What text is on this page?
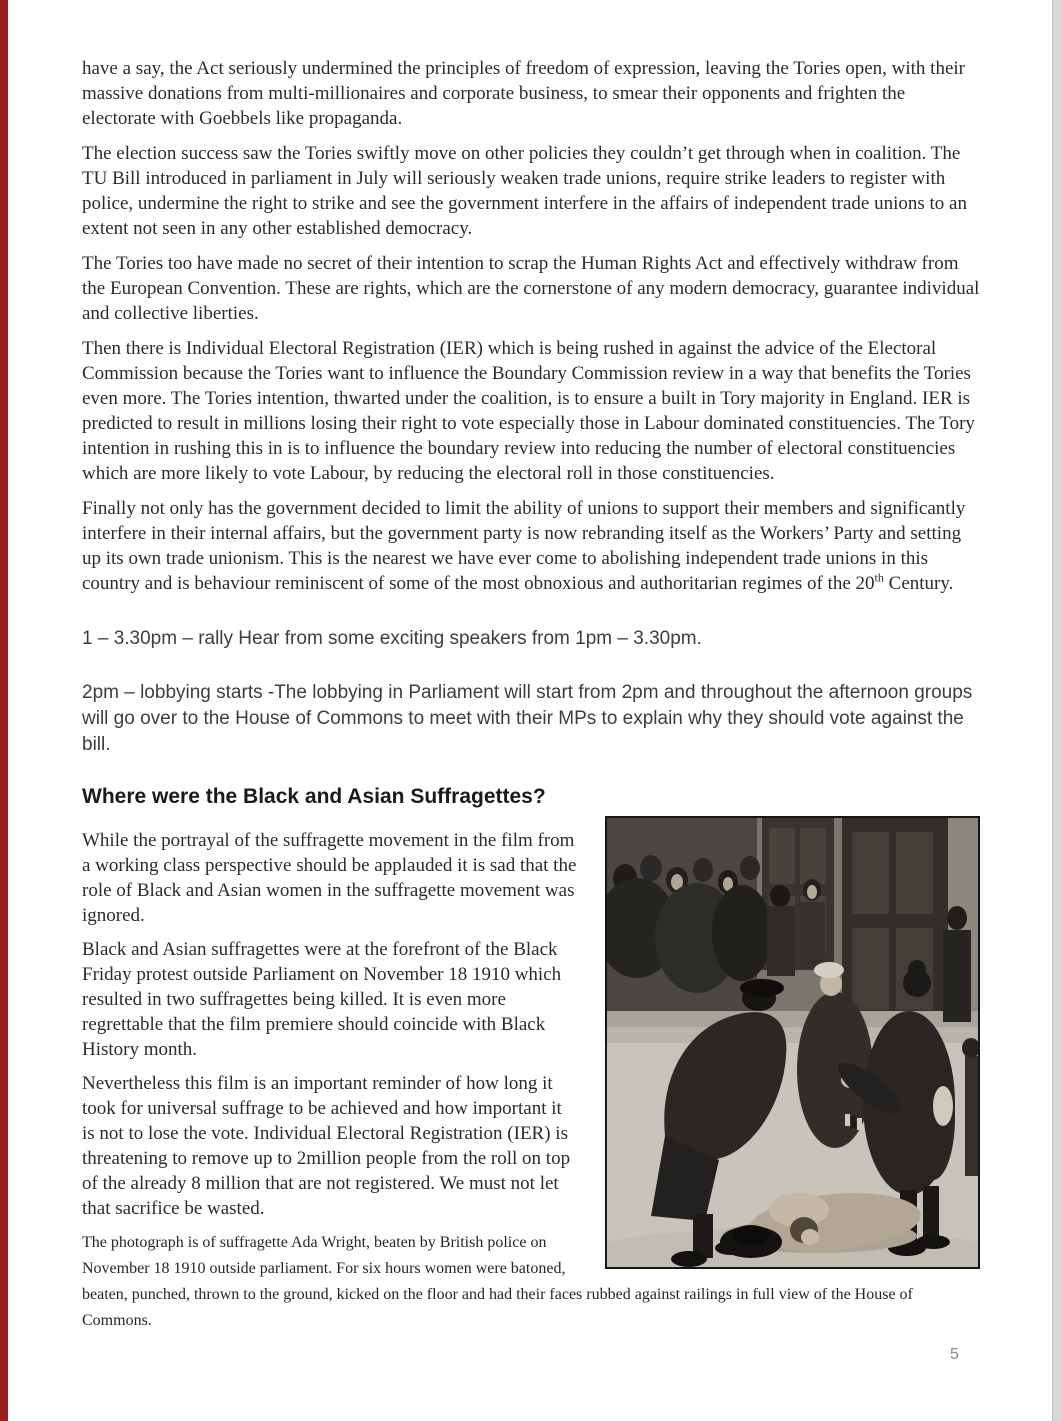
have a say, the Act seriously undermined the principles of freedom of expression, leaving the Tories open, with their massive donations from multi-millionaires and corporate business, to smear their opponents and frighten the electorate with Goebbels like propaganda.

The election success saw the Tories swiftly move on other policies they couldn’t get through when in coalition. The TU Bill introduced in parliament in July will seriously weaken trade unions, require strike leaders to register with police, undermine the right to strike and see the government interfere in the affairs of independent trade unions to an extent not seen in any other established democracy.

The Tories too have made no secret of their intention to scrap the Human Rights Act and effectively withdraw from the European Convention. These are rights, which are the cornerstone of any modern democracy, guarantee individual and collective liberties.

Then there is Individual Electoral Registration (IER) which is being rushed in against the advice of the Electoral Commission because the Tories want to influence the Boundary Commission review in a way that benefits the Tories even more. The Tories intention, thwarted under the coalition, is to ensure a built in Tory majority in England. IER is predicted to result in millions losing their right to vote especially those in Labour dominated constituencies. The Tory intention in rushing this in is to influence the boundary review into reducing the number of electoral constituencies which are more likely to vote Labour, by reducing the electoral roll in those constituencies.

Finally not only has the government decided to limit the ability of unions to support their members and significantly interfere in their internal affairs, but the government party is now rebranding itself as the Workers’ Party and setting up its own trade unionism. This is the nearest we have ever come to abolishing independent trade unions in this country and is behaviour reminiscent of some of the most obnoxious and authoritarian regimes of the 20th Century.

1 – 3.30pm – rally Hear from some exciting speakers from 1pm – 3.30pm.

2pm – lobbying starts -The lobbying in Parliament will start from 2pm and throughout the afternoon groups will go over to the House of Commons to meet with their MPs to explain why they should vote against the bill.

Where were the Black and Asian Suffragettes?

While the portrayal of the suffragette movement in the film from a working class perspective should be applauded it is sad that the role of Black and Asian women in the suffragette movement was ignored.

Black and Asian suffragettes were at the forefront of the Black Friday protest outside Parliament on November 18 1910 which resulted in two suffragettes being killed. It is even more regrettable that the film premiere should coincide with Black History month.

Nevertheless this film is an important reminder of how long it took for universal suffrage to be achieved and how important it is not to lose the vote. Individual Electoral Registration (IER) is threatening to remove up to 2million people from the roll on top of the already 8 million that are not registered. We must not let that sacrifice be wasted.

The photograph is of suffragette Ada Wright, beaten by British police on November 18 1910 outside parliament. For six hours women were batoned, beaten, punched, thrown to the ground, kicked on the floor and had their faces rubbed against railings in full view of the House of Commons.

5
